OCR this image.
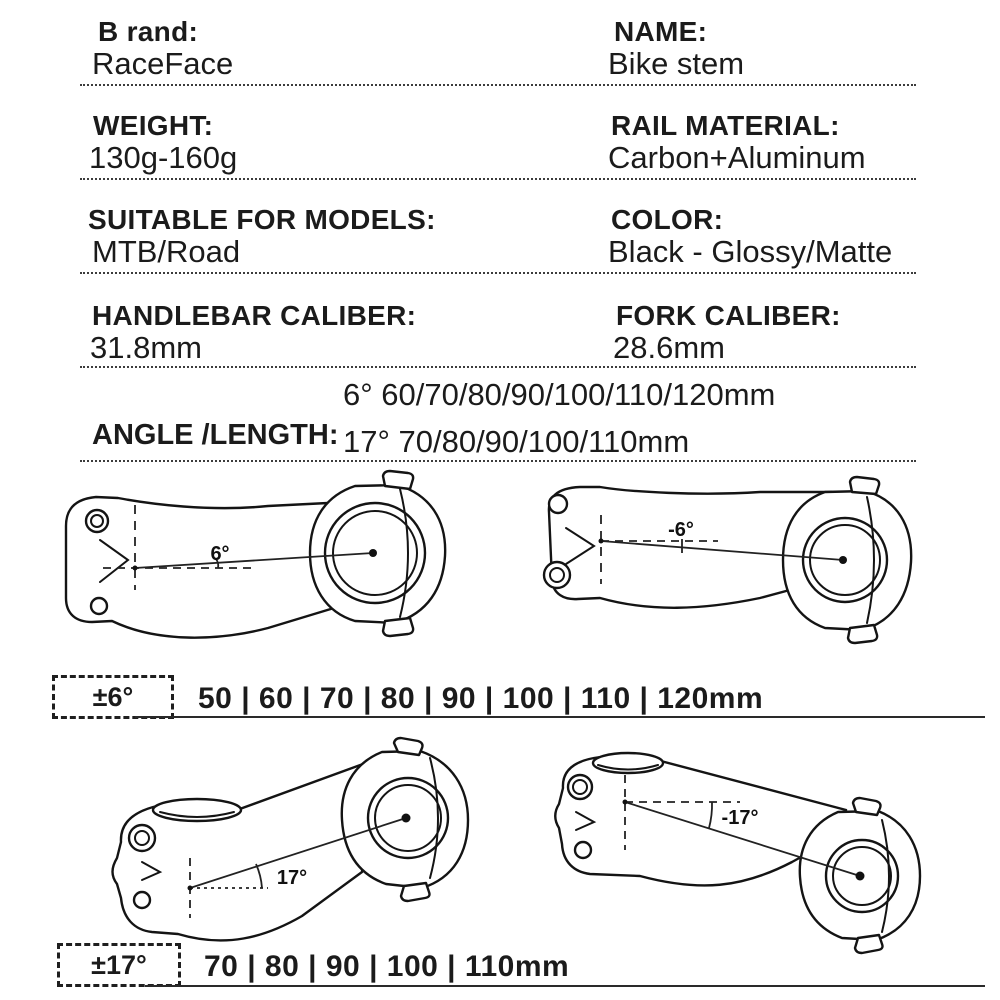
B rand:
RaceFace
NAME:
Bike stem
WEIGHT:
130g-160g
RAIL MATERIAL:
Carbon+Aluminum
SUITABLE FOR MODELS:
MTB/Road
COLOR:
Black - Glossy/Matte
HANDLEBAR CALIBER:
31.8mm
FORK CALIBER:
28.6mm
ANGLE /LENGTH:
6° 60/70/80/90/100/110/120mm
17° 70/80/90/100/110mm
6°
-6°
±6° 50 | 60 | 70 | 80 | 90 | 100 | 110 | 120mm
17°
-17°
±17° 70 | 80 | 90 | 100 | 110mm
